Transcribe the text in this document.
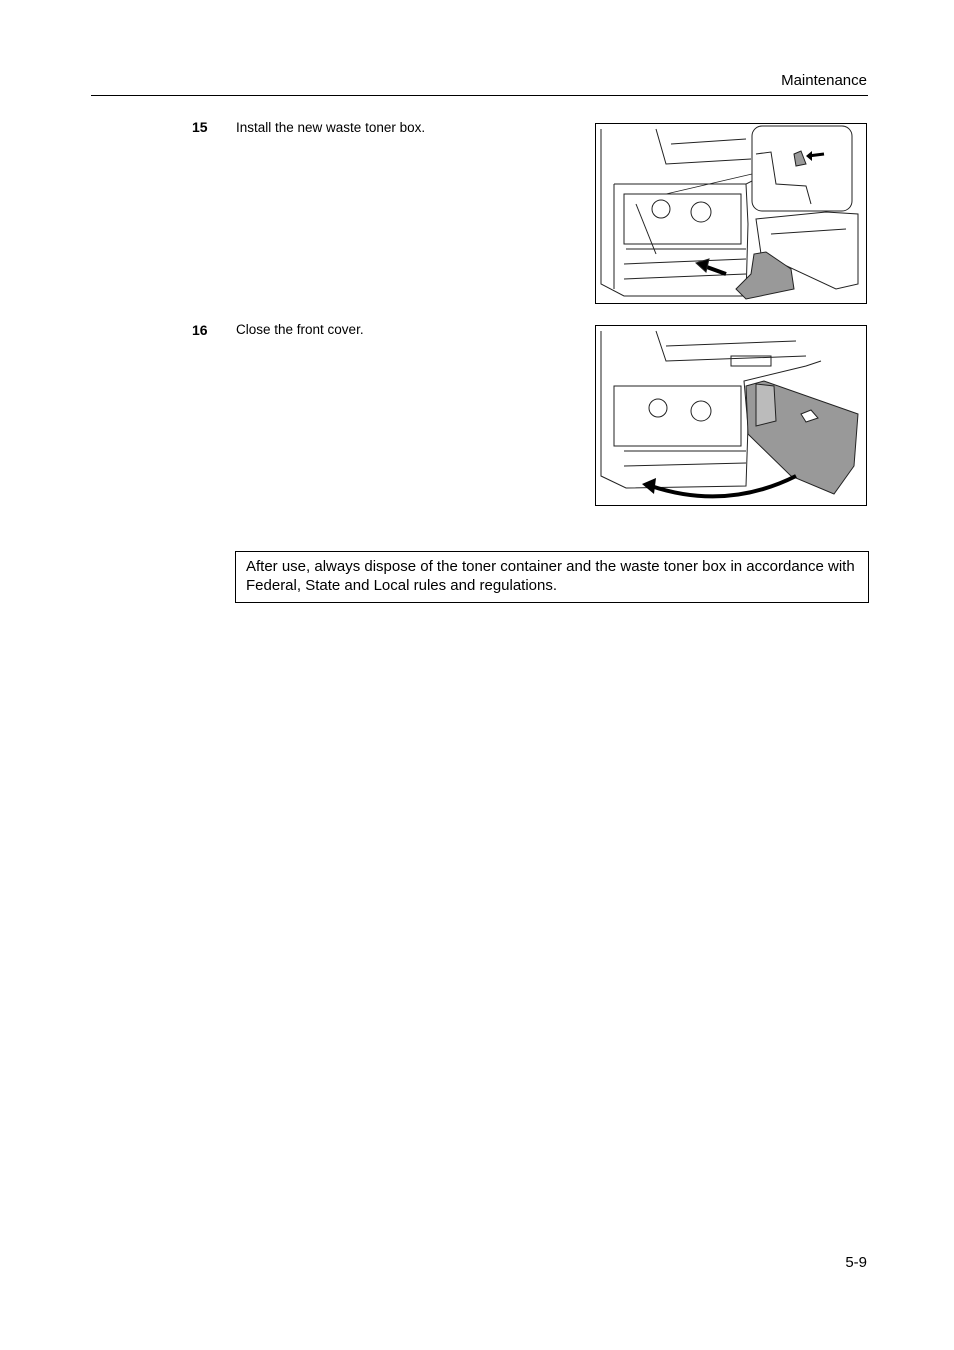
Maintenance
15 Install the new waste toner box.
16 Close the front cover.
After use, always dispose of the toner container and the waste toner box in accordance with Federal, State and Local rules and regulations.
5-9
